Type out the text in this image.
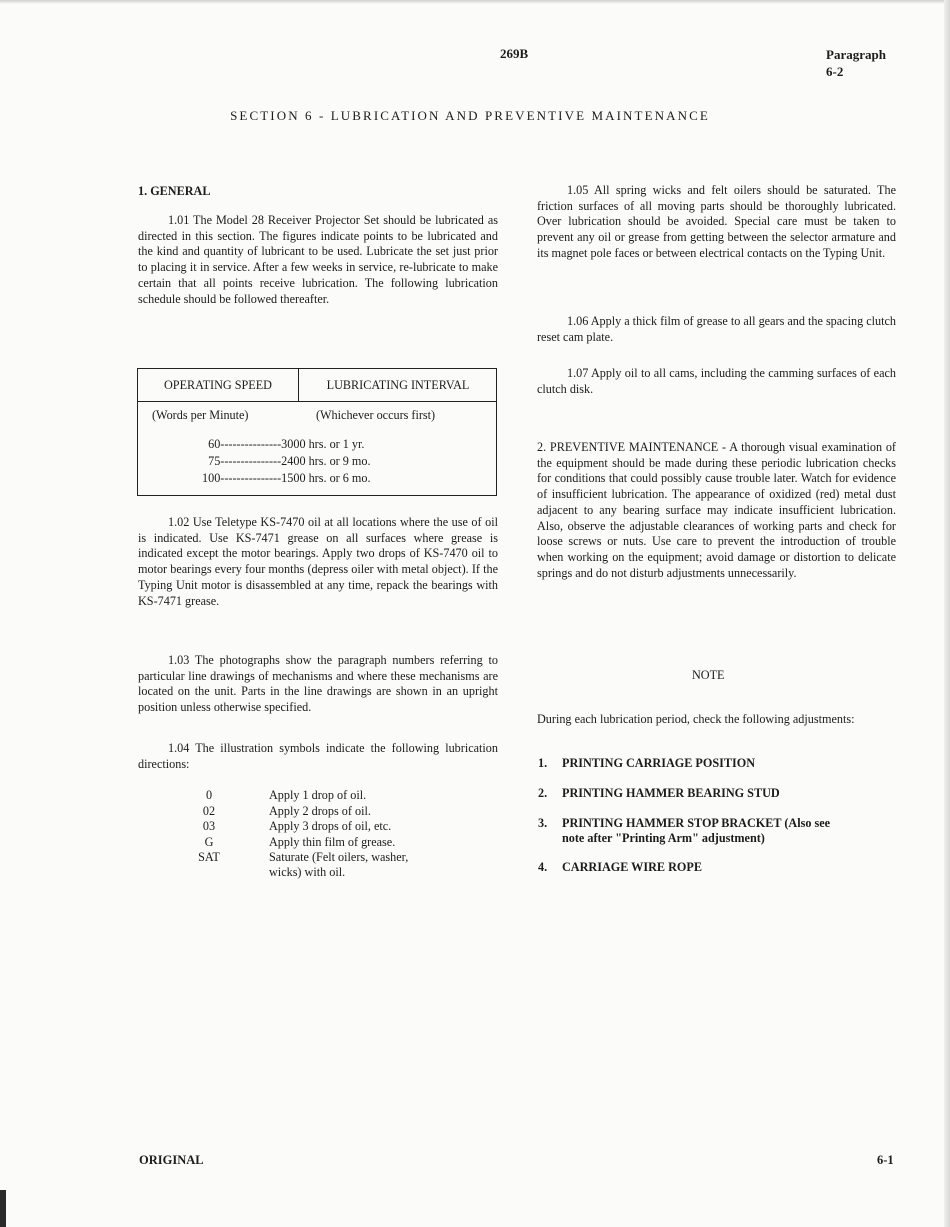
269B	Paragraph
6-2
SECTION 6 - LUBRICATION AND PREVENTIVE MAINTENANCE

1. GENERAL

1.01 The Model 28 Receiver Projector Set should be lubricated as directed in this section. The figures indicate points to be lubricated and the kind and quantity of lubricant to be used. Lubricate the set just prior to placing it in service. After a few weeks in service, re-lubricate to make certain that all points receive lubrication. The following lubrication schedule should be followed thereafter.

OPERATING SPEED	LUBRICATING INTERVAL
(Words per Minute)	(Whichever occurs first)
60---------------3000 hrs. or 1 yr.
75---------------2400 hrs. or 9 mo.
100---------------1500 hrs. or 6 mo.

1.02 Use Teletype KS-7470 oil at all locations where the use of oil is indicated. Use KS-7471 grease on all surfaces where grease is indicated except the motor bearings. Apply two drops of KS-7470 oil to motor bearings every four months (depress oiler with metal object). If the Typing Unit motor is disassembled at any time, repack the bearings with KS-7471 grease.

1.03 The photographs show the paragraph numbers referring to particular line drawings of mechanisms and where these mechanisms are located on the unit. Parts in the line drawings are shown in an upright position unless otherwise specified.

1.04 The illustration symbols indicate the following lubrication directions:

0	Apply 1 drop of oil.
02	Apply 2 drops of oil.
03	Apply 3 drops of oil, etc.
G	Apply thin film of grease.
SAT	Saturate (Felt oilers, washer,
wicks) with oil.

1.05 All spring wicks and felt oilers should be saturated. The friction surfaces of all moving parts should be thoroughly lubricated. Over lubrication should be avoided. Special care must be taken to prevent any oil or grease from getting between the selector armature and its magnet pole faces or between electrical contacts on the Typing Unit.

1.06 Apply a thick film of grease to all gears and the spacing clutch reset cam plate.

1.07 Apply oil to all cams, including the camming surfaces of each clutch disk.

2. PREVENTIVE MAINTENANCE - A thorough visual examination of the equipment should be made during these periodic lubrication checks for conditions that could possibly cause trouble later. Watch for evidence of insufficient lubrication. The appearance of oxidized (red) metal dust adjacent to any bearing surface may indicate insufficient lubrication. Also, observe the adjustable clearances of working parts and check for loose screws or nuts. Use care to prevent the introduction of trouble when working on the equipment; avoid damage or distortion to delicate springs and do not disturb adjustments unnecessarily.

NOTE

During each lubrication period, check the following adjustments:

1. PRINTING CARRIAGE POSITION
2. PRINTING HAMMER BEARING STUD
3. PRINTING HAMMER STOP BRACKET (Also see
note after "Printing Arm" adjustment)
4. CARRIAGE WIRE ROPE
ORIGINAL	6-1
